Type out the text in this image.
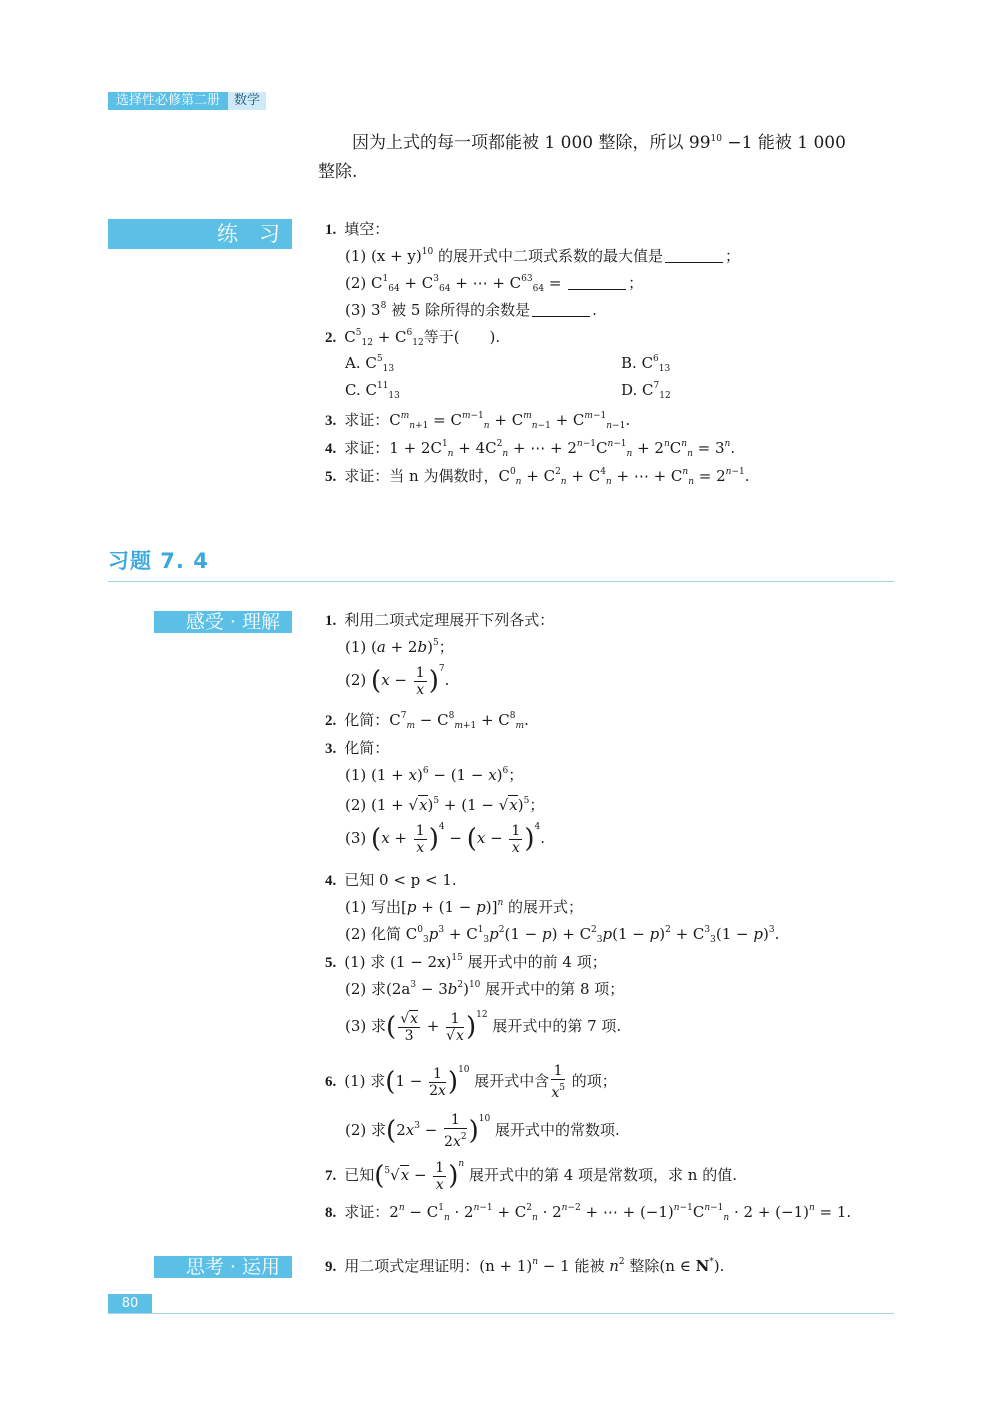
选择性必修第二册	数学
因为上式的每一项都能被 1 000 整除，所以 $99^{10} -1$ 能被 1 000
整除.
练　习	1. 填空：
(1) $(x + y)^{10}$ 的展开式中二项式系数的最大值是	；
(2) $C^1_{64} + C^3_{64}$ + ⋯ + $C^{63}_{64}$ =	；
(3) $3^8$ 被 5 除所得的余数是	.
2. $C^5_{12} + C^6_{12}$等于(　　).
A. $C^5_{13}$	B. $C^6_{13}$
C. $C^{11}_{13}$	D. $C^7_{12}$
3. 求证：$C^m_{n+1} = C^{m-1}_n + C^m_{n-1} + C^{m-1}_{n-1}$.
4. 求证：$1 + 2C^1_n + 4C^2_n$ + ⋯ + $2^{n-1}C^{n-1}_n + 2^nC^n_n = 3^n$.
5. 求证：当 n 为偶数时，$C^0_n + C^2_n + C^4_n$ + ⋯ + $C^n_n = 2^{n-1}$.
习题 7. 4
感受 · 理解	1. 利用二项式定理展开下列各式：
(1) $(a + 2b)^5$；
(2) $(x - \frac{1}{x} )^7$.
2. 化简：$C^7_m - C^8_{m+1} + C^8_m$.
3. 化简：
(1) $(1 + x)^6 - (1 - x)^6$；
(2) $(1 + √x)^5 + (1 - √x)^5$；
(3) $(x + \frac{1}{x} )^4 - (x - \frac{1}{x} )^4$.
4. 已知 0 < p < 1.
(1) 写出$[p + (1 - p)]^n$ 的展开式；
(2) 化简 $C^0_3p^3 + C^1_3p^2(1 - p) + C^2_3p(1 - p)^2 + C^3_3(1 - p)^3$.
5. (1) 求 $(1 - 2x)^{15}$ 展开式中的前 4 项；
(2) 求$(2a^3 - 3b^2)^{10}$ 展开式中的第 8 项；
(3) 求( $\frac{√x}{3} + \frac{1}{√x} )^{12}$ 展开式中的第 7 项.
6. (1) 求$(1 - \frac{1}{2x} )^{10}$ 展开式中含 $\frac{1}{x^5}$ 的项；
(2) 求$(2x^3 - \frac{1}{2x^2} )^{10}$ 展开式中的常数项.
7. 已知$(^5√x - \frac{1}{x} )^n$ 展开式中的第 4 项是常数项，求 n 的值.
8. 求证：$2^n - C^1_n \cdot 2^{n-1} + C^2_n \cdot 2^{n-2}$ + ⋯ + $(-1)^{n-1}C^{n-1}_n \cdot 2 + (-1)^n = 1$.
9. 用二项式定理证明：$(n + 1)^n - 1$ 能被 $n^2$ 整除(n ∈ N*).
思考 · 运用
80
